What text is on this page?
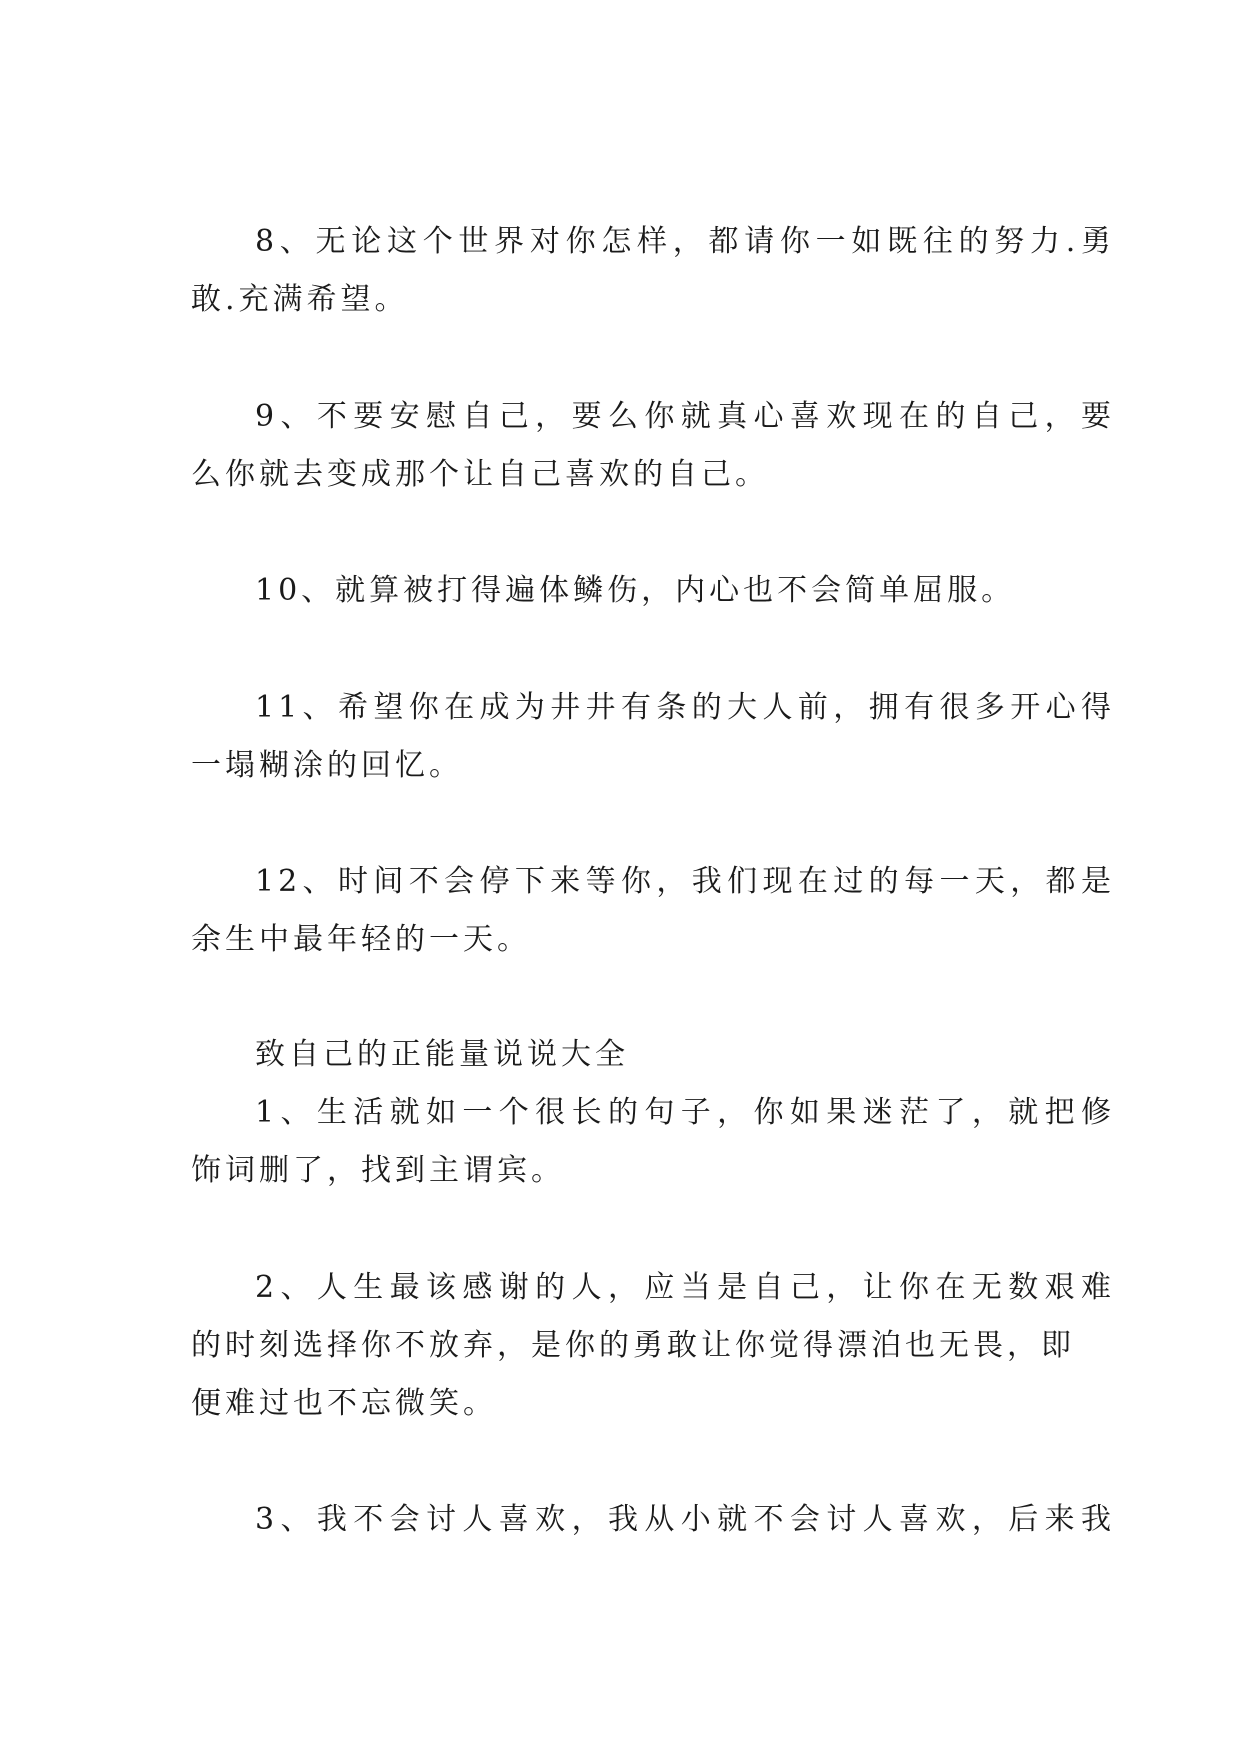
8、无论这个世界对你怎样，都请你一如既往的努力.勇
敢.充满希望。
9、不要安慰自己，要么你就真心喜欢现在的自己，要
么你就去变成那个让自己喜欢的自己。
10、就算被打得遍体鳞伤，内心也不会简单屈服。
11、希望你在成为井井有条的大人前，拥有很多开心得
一塌糊涂的回忆。
12、时间不会停下来等你，我们现在过的每一天，都是
余生中最年轻的一天。
致自己的正能量说说大全
1、生活就如一个很长的句子，你如果迷茫了，就把修
饰词删了，找到主谓宾。
2、人生最该感谢的人，应当是自己，让你在无数艰难
的时刻选择你不放弃，是你的勇敢让你觉得漂泊也无畏，即
便难过也不忘微笑。
3、我不会讨人喜欢，我从小就不会讨人喜欢，后来我
